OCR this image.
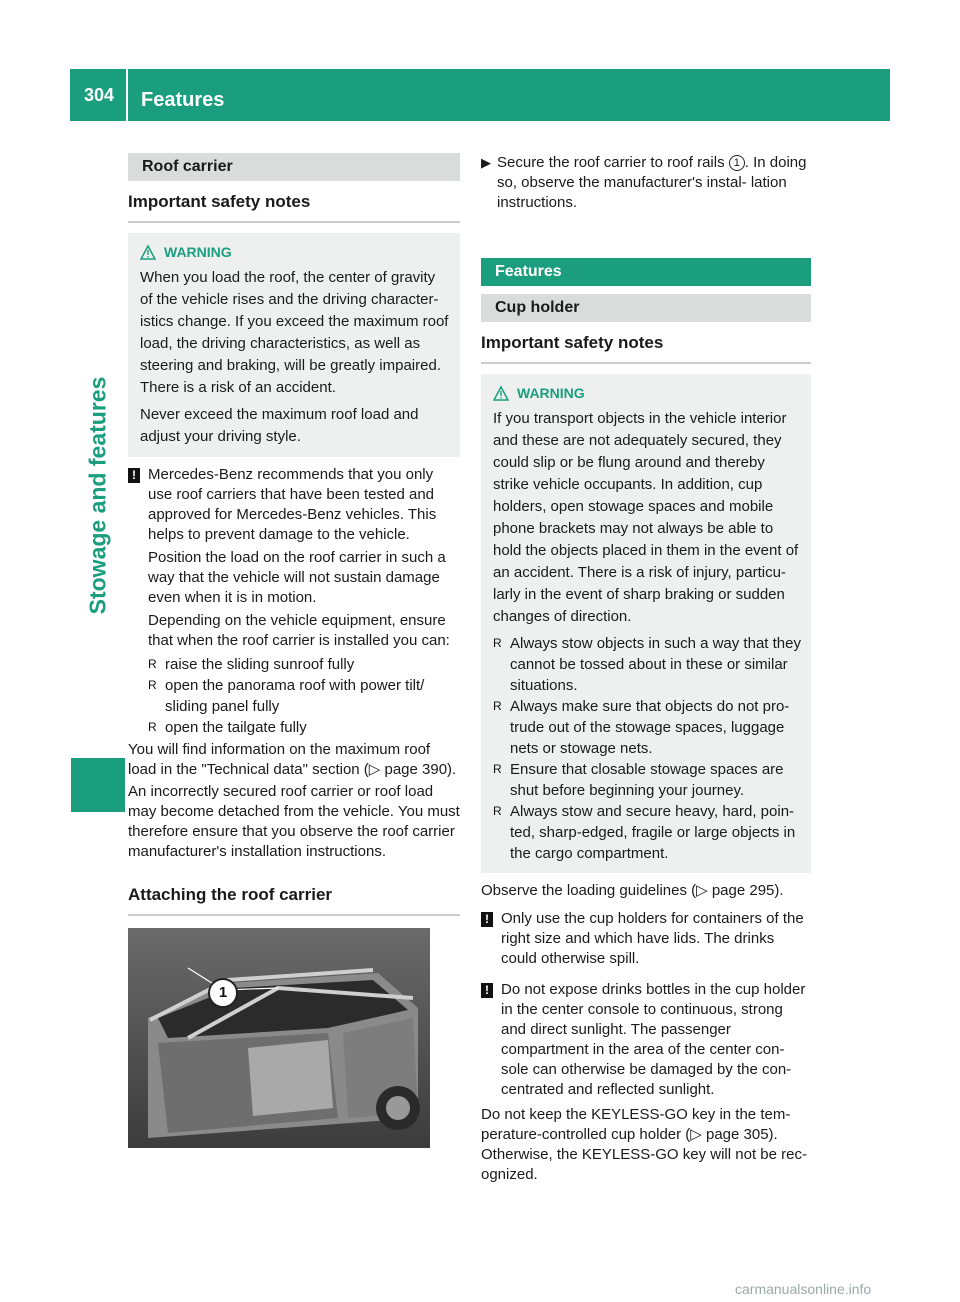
304	Features
Stowage and features
Roof carrier
Important safety notes
WARNING

When you load the roof, the center of gravity of the vehicle rises and the driving character- istics change. If you exceed the maximum roof load, the driving characteristics, as well as steering and braking, will be greatly impaired. There is a risk of an accident.

Never exceed the maximum roof load and adjust your driving style.

! Mercedes-Benz recommends that you only use roof carriers that have been tested and approved for Mercedes-Benz vehicles. This helps to prevent damage to the vehicle.

Position the load on the roof carrier in such a way that the vehicle will not sustain damage even when it is in motion.

Depending on the vehicle equipment, ensure that when the roof carrier is installed you can:

R raise the sliding sunroof fully
R open the panorama roof with power tilt/ sliding panel fully
R open the tailgate fully

You will find information on the maximum roof load in the "Technical data" section (▷ page 390).

An incorrectly secured roof carrier or roof load may become detached from the vehicle. You must therefore ensure that you observe the roof carrier manufacturer's installation instructions.

Attaching the roof carrier
1
P77.40-2171-31
▶ Secure the roof carrier to roof rails 1 . In doing so, observe the manufacturer's instal- lation instructions.
Features
Cup holder
Important safety notes
WARNING

If you transport objects in the vehicle interior and these are not adequately secured, they could slip or be flung around and thereby strike vehicle occupants. In addition, cup holders, open stowage spaces and mobile phone brackets may not always be able to hold the objects placed in them in the event of an accident. There is a risk of injury, particu- larly in the event of sharp braking or sudden changes of direction.

R Always stow objects in such a way that they cannot be tossed about in these or similar situations.
R Always make sure that objects do not pro- trude out of the stowage spaces, luggage nets or stowage nets.
R Ensure that closable stowage spaces are shut before beginning your journey.
R Always stow and secure heavy, hard, poin- ted, sharp-edged, fragile or large objects in the cargo compartment.

Observe the loading guidelines (▷ page 295).

! Only use the cup holders for containers of the right size and which have lids. The drinks could otherwise spill.

! Do not expose drinks bottles in the cup holder in the center console to continuous, strong and direct sunlight. The passenger compartment in the area of the center con- sole can otherwise be damaged by the con- centrated and reflected sunlight.

Do not keep the KEYLESS-GO key in the tem- perature-controlled cup holder (▷ page 305). Otherwise, the KEYLESS-GO key will not be rec- ognized.

carmanualsonline.info
